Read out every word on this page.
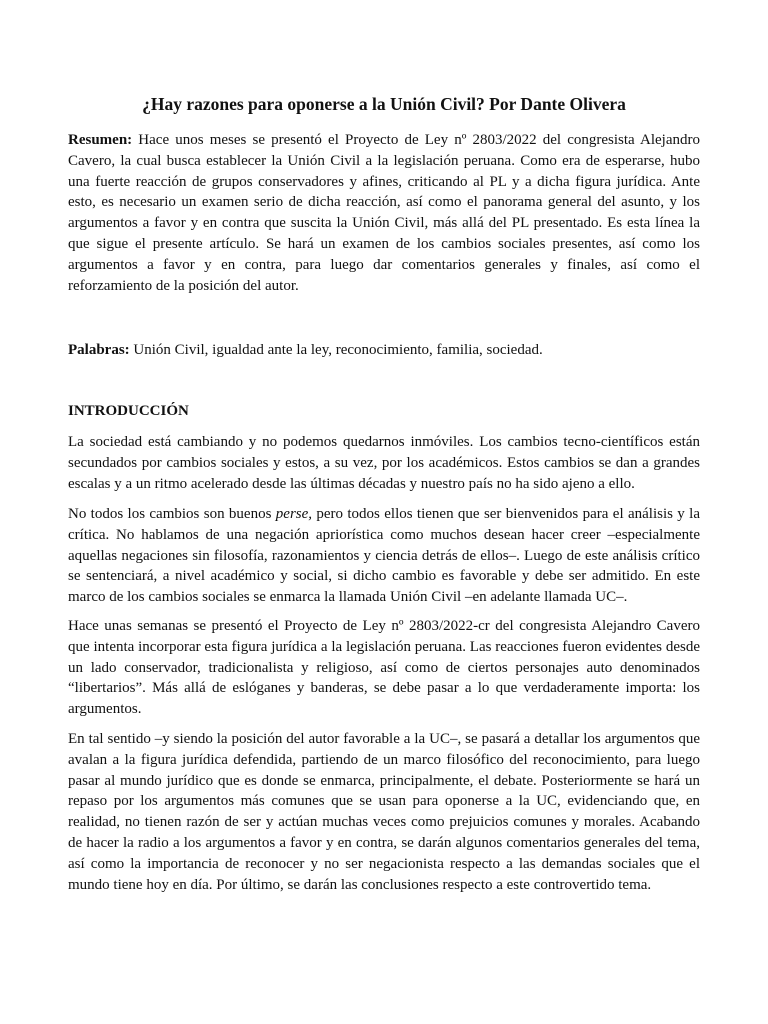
¿Hay razones para oponerse a la Unión Civil? Por Dante Olivera

Resumen: Hace unos meses se presentó el Proyecto de Ley nº 2803/2022 del congresista Alejandro Cavero, la cual busca establecer la Unión Civil a la legislación peruana. Como era de esperarse, hubo una fuerte reacción de grupos conservadores y afines, criticando al PL y a dicha figura jurídica. Ante esto, es necesario un examen serio de dicha reacción, así como el panorama general del asunto, y los argumentos a favor y en contra que suscita la Unión Civil, más allá del PL presentado. Es esta línea la que sigue el presente artículo. Se hará un examen de los cambios sociales presentes, así como los argumentos a favor y en contra, para luego dar comentarios generales y finales, así como el reforzamiento de la posición del autor.

Palabras: Unión Civil, igualdad ante la ley, reconocimiento, familia, sociedad.

INTRODUCCIÓN

La sociedad está cambiando y no podemos quedarnos inmóviles. Los cambios tecno-científicos están secundados por cambios sociales y estos, a su vez, por los académicos. Estos cambios se dan a grandes escalas y a un ritmo acelerado desde las últimas décadas y nuestro país no ha sido ajeno a ello.

No todos los cambios son buenos perse, pero todos ellos tienen que ser bienvenidos para el análisis y la crítica. No hablamos de una negación apriorística como muchos desean hacer creer –especialmente aquellas negaciones sin filosofía, razonamientos y ciencia detrás de ellos–. Luego de este análisis crítico se sentenciará, a nivel académico y social, si dicho cambio es favorable y debe ser admitido. En este marco de los cambios sociales se enmarca la llamada Unión Civil –en adelante llamada UC–.

Hace unas semanas se presentó el Proyecto de Ley nº 2803/2022-cr del congresista Alejandro Cavero que intenta incorporar esta figura jurídica a la legislación peruana. Las reacciones fueron evidentes desde un lado conservador, tradicionalista y religioso, así como de ciertos personajes auto denominados “libertarios”. Más allá de eslóganes y banderas, se debe pasar a lo que verdaderamente importa: los argumentos.

En tal sentido –y siendo la posición del autor favorable a la UC–, se pasará a detallar los argumentos que avalan a la figura jurídica defendida, partiendo de un marco filosófico del reconocimiento, para luego pasar al mundo jurídico que es donde se enmarca, principalmente, el debate. Posteriormente se hará un repaso por los argumentos más comunes que se usan para oponerse a la UC, evidenciando que, en realidad, no tienen razón de ser y actúan muchas veces como prejuicios comunes y morales. Acabando de hacer la radio a los argumentos a favor y en contra, se darán algunos comentarios generales del tema, así como la importancia de reconocer y no ser negacionista respecto a las demandas sociales que el mundo tiene hoy en día. Por último, se darán las conclusiones respecto a este controvertido tema.
